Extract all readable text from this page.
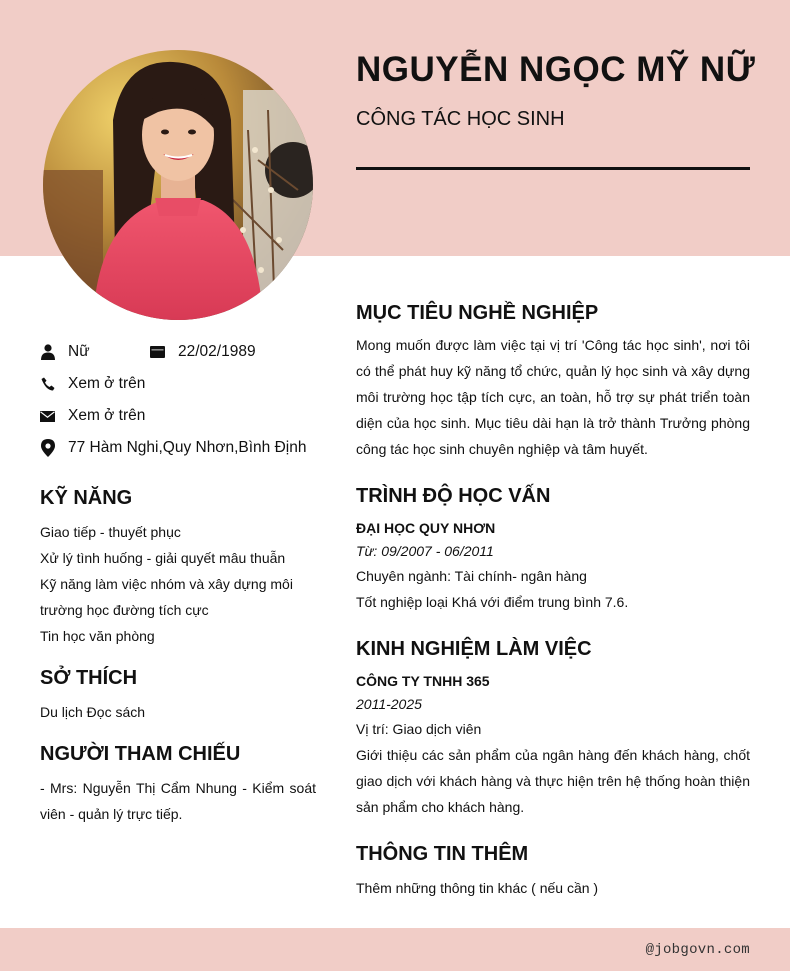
NGUYỄN NGỌC MỸ NỮ
CÔNG TÁC HỌC SINH
Nữ	22/02/1989
Xem ở trên
Xem ở trên
77 Hàm Nghi,Quy Nhơn,Bình Định
KỸ NĂNG
Giao tiếp - thuyết phục
Xử lý tình huống - giải quyết mâu thuẫn
Kỹ năng làm việc nhóm và xây dựng môi trường học đường tích cực
Tin học văn phòng
SỞ THÍCH
Du lịch Đọc sách
NGƯỜI THAM CHIẾU
- Mrs: Nguyễn Thị Cẩm Nhung - Kiểm soát viên - quản lý trực tiếp.
MỤC TIÊU NGHỀ NGHIỆP
Mong muốn được làm việc tại vị trí 'Công tác học sinh', nơi tôi có thể phát huy kỹ năng tổ chức, quản lý học sinh và xây dựng môi trường học tập tích cực, an toàn, hỗ trợ sự phát triển toàn diện của học sinh. Mục tiêu dài hạn là trở thành Trưởng phòng công tác học sinh chuyên nghiệp và tâm huyết.
TRÌNH ĐỘ HỌC VẤN
ĐẠI HỌC QUY NHƠN
Từ: 09/2007 - 06/2011
Chuyên ngành: Tài chính- ngân hàng
Tốt nghiệp loại Khá với điểm trung bình 7.6.
KINH NGHIỆM LÀM VIỆC
CÔNG TY TNHH 365
2011-2025
Vị trí: Giao dịch viên
Giới thiệu các sản phẩm của ngân hàng đến khách hàng, chốt giao dịch với khách hàng và thực hiện trên hệ thống hoàn thiện sản phẩm cho khách hàng.
THÔNG TIN THÊM
Thêm những thông tin khác ( nếu cần )
@jobgovn.com
